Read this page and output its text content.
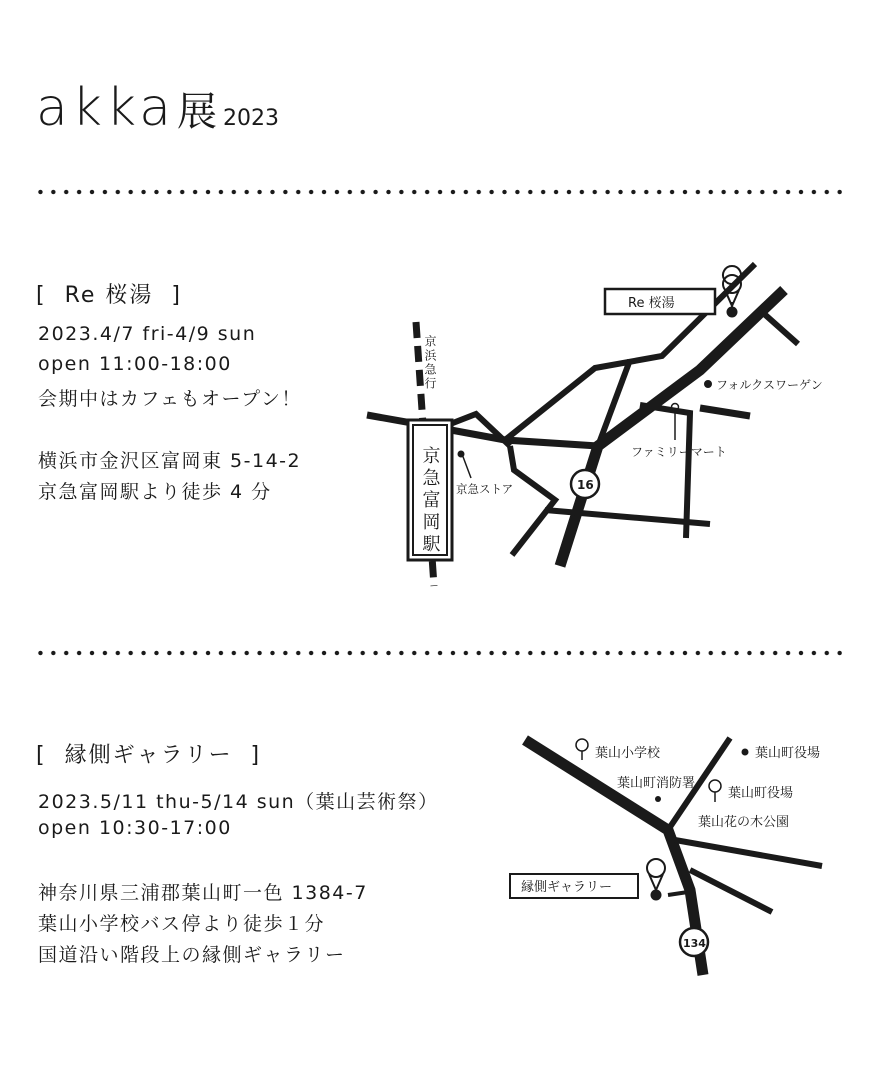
akka展 2023
[  Re 桜湯  ]
2023.4/7 fri-4/9 sun
open 11:00-18:00
会期中はカフェもオープン！
横浜市金沢区富岡東 5-14-2
京急富岡駅より徒歩 4 分
[  縁側ギャラリー  ]
2023.5/11 thu-5/14 sun（葉山芸術祭）
open 10:30-17:00
神奈川県三浦郡葉山町一色 1384-7
葉山小学校バス停より徒歩１分
国道沿い階段上の縁側ギャラリー
Re 桜湯
フォルクスワーゲン
ファミリーマート
京急ストア	16
京浜急行
京急富岡駅
縁側ギャラリー
葉山小学校	葉山町役場
葉山町消防署
葉山町役場
葉山花の木公園
134
